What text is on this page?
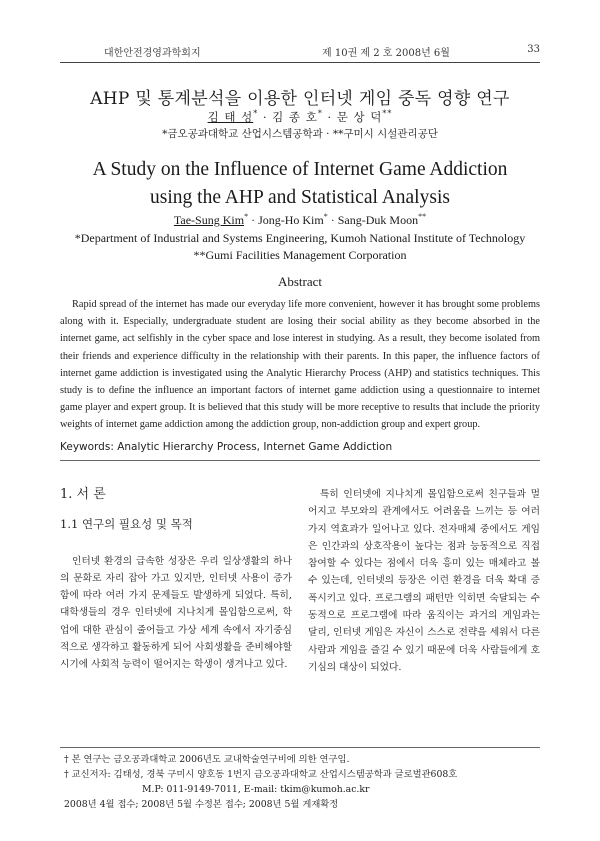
대한안전경영과학회지	제 10권 제 2 호 2008년 6월	33
AHP 및 통계분석을 이용한 인터넷 게임 중독 영향 연구
김 태 성* · 김 종 호* · 문 상 덕**
*금오공과대학교 산업시스템공학과 · **구미시 시설관리공단
A Study on the Influence of Internet Game Addiction
using the AHP and Statistical Analysis
Tae-Sung Kim* · Jong-Ho Kim* · Sang-Duk Moon**
*Department of Industrial and Systems Engineering, Kumoh National Institute of Technology
**Gumi Facilities Management Corporation
Abstract
Rapid spread of the internet has made our everyday life more convenient, however it has brought some problems along with it. Especially, undergraduate student are losing their social ability as they become absorbed in the internet game, act selfishly in the cyber space and lose interest in studying. As a result, they become isolated from their friends and experience difficulty in the relationship with their parents. In this paper, the influence factors of internet game addiction is investigated using the Analytic Hierarchy Process (AHP) and statistics techniques. This study is to define the influence an important factors of internet game addiction using a questionnaire to internet game player and expert group. It is believed that this study will be more receptive to results that include the priority weights of internet game addiction among the addiction group, non-addiction group and expert group.
Keywords: Analytic Hierarchy Process, Internet Game Addiction
1. 서 론
1.1 연구의 필요성 및 목적

인터넷 환경의 급속한 성장은 우리 일상생활의 하나의 문화로 자리 잡아 가고 있지만, 인터넷 사용이 증가함에 따라 여러 가지 문제들도 발생하게 되었다. 특히, 대학생들의 경우 인터넷에 지나치게 몰입함으로써, 학업에 대한 관심이 줄어들고 가상 세계 속에서 자기중심적으로 생각하고 활동하게 되어 사회생활을 준비해야할 시기에 사회적 능력이 떨어지는 학생이 생겨나고 있다.

특히 인터넷에 지나치게 몰입함으로써 친구들과 멀어지고 부모와의 관계에서도 어려움을 느끼는 등 여러 가지 역효과가 일어나고 있다. 전자매체 중에서도 게임은 인간과의 상호작용이 높다는 점과 능동적으로 직접 참여할 수 있다는 점에서 더욱 흥미 있는 매체라고 볼 수 있는데, 인터넷의 등장은 이런 환경을 더욱 확대 증폭시키고 있다. 프로그램의 패턴만 익히면 숙달되는 수동적으로 프로그램에 따라 움직이는 과거의 게임과는 달리, 인터넷 게임은 자신이 스스로 전략을 세워서 다른 사람과 게임을 즐길 수 있기 때문에 더욱 사람들에게 호기심의 대상이 되었다.

† 본 연구는 금오공과대학교 2006년도 교내학술연구비에 의한 연구임.
† 교신저자: 김태성, 경북 구미시 양호동 1번지 금오공과대학교 산업시스템공학과 글로벌관608호
M.P: 011-9149-7011, E-mail: tkim@kumoh.ac.kr
2008년 4월 접수; 2008년 5월 수정본 접수; 2008년 5월 게재확정
